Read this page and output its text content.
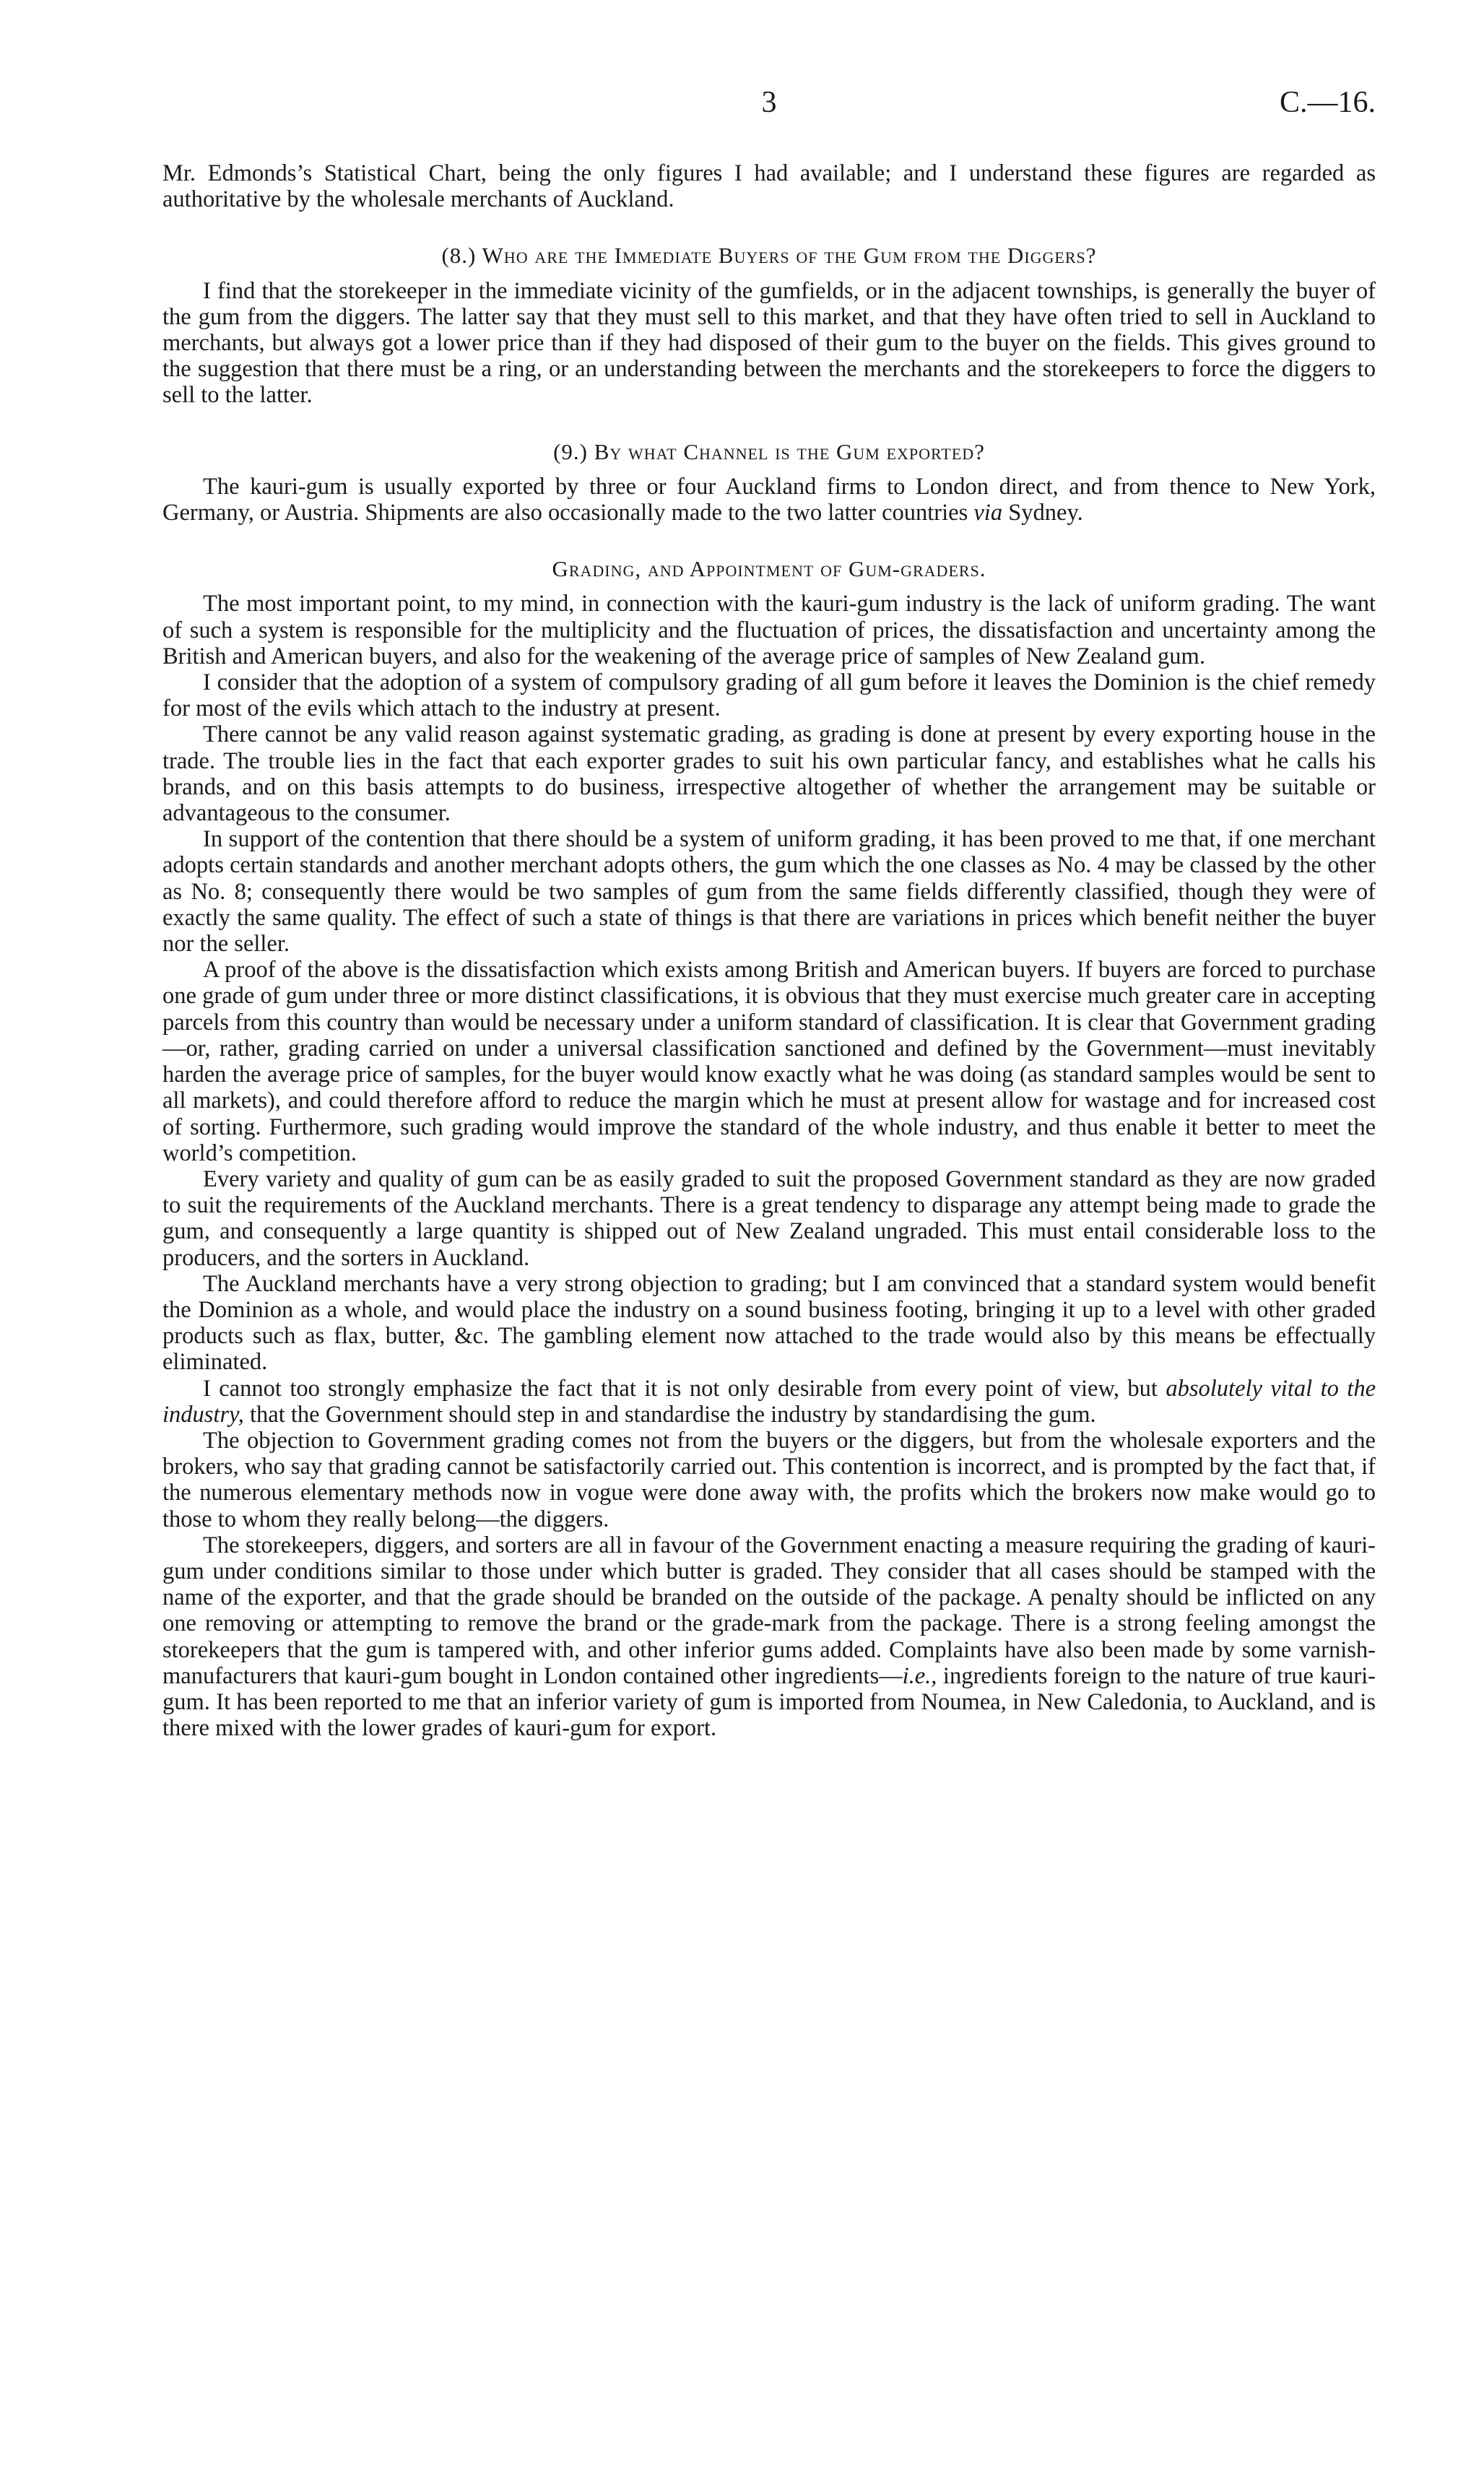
3	C.—16.

Mr. Edmonds’s Statistical Chart, being the only figures I had available; and I understand these figures are regarded as authoritative by the wholesale merchants of Auckland.

(8.) Who are the Immediate Buyers of the Gum from the Diggers?

I find that the storekeeper in the immediate vicinity of the gumfields, or in the adjacent townships, is generally the buyer of the gum from the diggers. The latter say that they must sell to this market, and that they have often tried to sell in Auckland to merchants, but always got a lower price than if they had disposed of their gum to the buyer on the fields. This gives ground to the suggestion that there must be a ring, or an understanding between the merchants and the storekeepers to force the diggers to sell to the latter.

(9.) By what Channel is the Gum exported?

The kauri-gum is usually exported by three or four Auckland firms to London direct, and from thence to New York, Germany, or Austria. Shipments are also occasionally made to the two latter countries via Sydney.

Grading, and Appointment of Gum-graders.

The most important point, to my mind, in connection with the kauri-gum industry is the lack of uniform grading. The want of such a system is responsible for the multiplicity and the fluctuation of prices, the dissatisfaction and uncertainty among the British and American buyers, and also for the weakening of the average price of samples of New Zealand gum.

I consider that the adoption of a system of compulsory grading of all gum before it leaves the Dominion is the chief remedy for most of the evils which attach to the industry at present.

There cannot be any valid reason against systematic grading, as grading is done at present by every exporting house in the trade. The trouble lies in the fact that each exporter grades to suit his own particular fancy, and establishes what he calls his brands, and on this basis attempts to do business, irrespective altogether of whether the arrangement may be suitable or advantageous to the consumer.

In support of the contention that there should be a system of uniform grading, it has been proved to me that, if one merchant adopts certain standards and another merchant adopts others, the gum which the one classes as No. 4 may be classed by the other as No. 8; consequently there would be two samples of gum from the same fields differently classified, though they were of exactly the same quality. The effect of such a state of things is that there are variations in prices which benefit neither the buyer nor the seller.

A proof of the above is the dissatisfaction which exists among British and American buyers. If buyers are forced to purchase one grade of gum under three or more distinct classifications, it is obvious that they must exercise much greater care in accepting parcels from this country than would be necessary under a uniform standard of classification. It is clear that Government grading—or, rather, grading carried on under a universal classification sanctioned and defined by the Government—must inevitably harden the average price of samples, for the buyer would know exactly what he was doing (as standard samples would be sent to all markets), and could therefore afford to reduce the margin which he must at present allow for wastage and for increased cost of sorting. Furthermore, such grading would improve the standard of the whole industry, and thus enable it better to meet the world’s competition.

Every variety and quality of gum can be as easily graded to suit the proposed Government standard as they are now graded to suit the requirements of the Auckland merchants. There is a great tendency to disparage any attempt being made to grade the gum, and consequently a large quantity is shipped out of New Zealand ungraded. This must entail considerable loss to the producers, and the sorters in Auckland.

The Auckland merchants have a very strong objection to grading; but I am convinced that a standard system would benefit the Dominion as a whole, and would place the industry on a sound business footing, bringing it up to a level with other graded products such as flax, butter, &c. The gambling element now attached to the trade would also by this means be effectually eliminated.

I cannot too strongly emphasize the fact that it is not only desirable from every point of view, but absolutely vital to the industry, that the Government should step in and standardise the industry by standardising the gum.

The objection to Government grading comes not from the buyers or the diggers, but from the wholesale exporters and the brokers, who say that grading cannot be satisfactorily carried out. This contention is incorrect, and is prompted by the fact that, if the numerous elementary methods now in vogue were done away with, the profits which the brokers now make would go to those to whom they really belong—the diggers.

The storekeepers, diggers, and sorters are all in favour of the Government enacting a measure requiring the grading of kauri-gum under conditions similar to those under which butter is graded. They consider that all cases should be stamped with the name of the exporter, and that the grade should be branded on the outside of the package. A penalty should be inflicted on any one removing or attempting to remove the brand or the grade-mark from the package. There is a strong feeling amongst the storekeepers that the gum is tampered with, and other inferior gums added. Complaints have also been made by some varnish-manufacturers that kauri-gum bought in London contained other ingredients—i.e., ingredients foreign to the nature of true kauri-gum. It has been reported to me that an inferior variety of gum is imported from Noumea, in New Caledonia, to Auckland, and is there mixed with the lower grades of kauri-gum for export.
